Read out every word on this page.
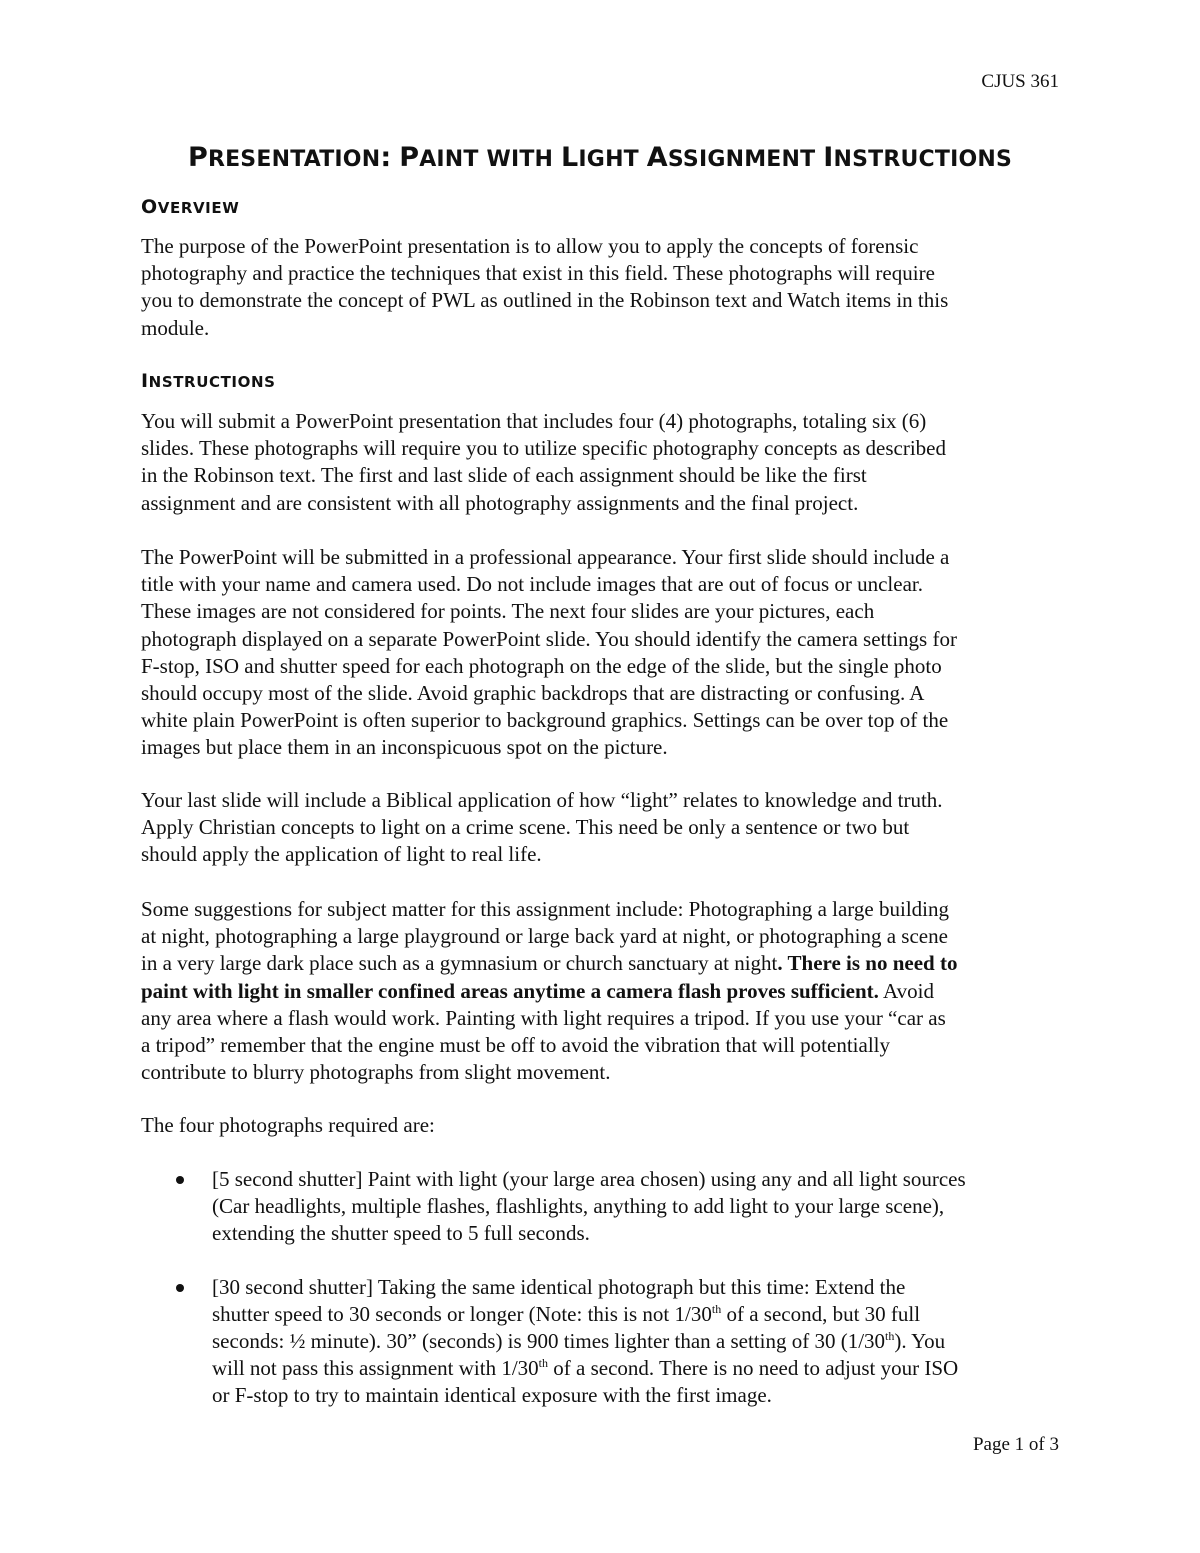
CJUS 361
PRESENTATION: PAINT WITH LIGHT ASSIGNMENT INSTRUCTIONS
OVERVIEW
The purpose of the PowerPoint presentation is to allow you to apply the concepts of forensic
photography and practice the techniques that exist in this field. These photographs will require
you to demonstrate the concept of PWL as outlined in the Robinson text and Watch items in this
module.
INSTRUCTIONS
You will submit a PowerPoint presentation that includes four (4) photographs, totaling six (6)
slides. These photographs will require you to utilize specific photography concepts as described
in the Robinson text. The first and last slide of each assignment should be like the first
assignment and are consistent with all photography assignments and the final project.
The PowerPoint will be submitted in a professional appearance. Your first slide should include a
title with your name and camera used. Do not include images that are out of focus or unclear.
These images are not considered for points. The next four slides are your pictures, each
photograph displayed on a separate PowerPoint slide. You should identify the camera settings for
F-stop, ISO and shutter speed for each photograph on the edge of the slide, but the single photo
should occupy most of the slide. Avoid graphic backdrops that are distracting or confusing. A
white plain PowerPoint is often superior to background graphics. Settings can be over top of the
images but place them in an inconspicuous spot on the picture.
Your last slide will include a Biblical application of how “light” relates to knowledge and truth.
Apply Christian concepts to light on a crime scene. This need be only a sentence or two but
should apply the application of light to real life.
Some suggestions for subject matter for this assignment include: Photographing a large building
at night, photographing a large playground or large back yard at night, or photographing a scene
in a very large dark place such as a gymnasium or church sanctuary at night. There is no need to
paint with light in smaller confined areas anytime a camera flash proves sufficient. Avoid
any area where a flash would work. Painting with light requires a tripod. If you use your “car as
a tripod” remember that the engine must be off to avoid the vibration that will potentially
contribute to blurry photographs from slight movement.
The four photographs required are:
[5 second shutter] Paint with light (your large area chosen) using any and all light sources
(Car headlights, multiple flashes, flashlights, anything to add light to your large scene),
extending the shutter speed to 5 full seconds.
[30 second shutter] Taking the same identical photograph but this time: Extend the
shutter speed to 30 seconds or longer (Note: this is not 1/30th of a second, but 30 full
seconds: ½ minute). 30” (seconds) is 900 times lighter than a setting of 30 (1/30th). You
will not pass this assignment with 1/30th of a second. There is no need to adjust your ISO
or F-stop to try to maintain identical exposure with the first image.
Page 1 of 3
